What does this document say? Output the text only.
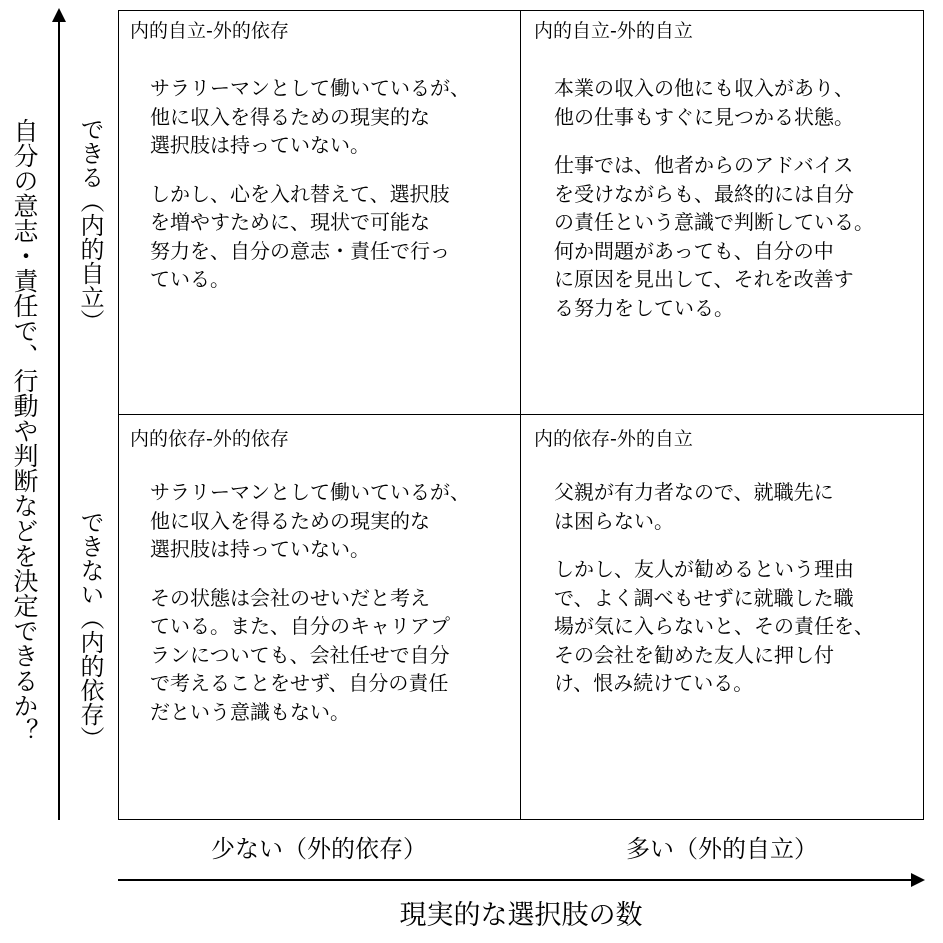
自分の意志・責任で、行動や判断などを決定できるか？ できる（内的自立）
できない（内的依存）
少ない（外的依存）	多い（外的自立）
現実的な選択肢の数
内的自立-外的依存

サラリーマンとして働いているが、
他に収入を得るための現実的な
選択肢は持っていない。

しかし、心を入れ替えて、選択肢
を増やすために、現状で可能な
努力を、自分の意志・責任で行っ
ている。

内的自立-外的自立

本業の収入の他にも収入があり、
他の仕事もすぐに見つかる状態。

仕事では、他者からのアドバイス
を受けながらも、最終的には自分
の責任という意識で判断している。
何か問題があっても、自分の中
に原因を見出して、それを改善す
る努力をしている。

内的依存-外的依存

サラリーマンとして働いているが、
他に収入を得るための現実的な
選択肢は持っていない。

その状態は会社のせいだと考え
ている。また、自分のキャリアプ
ランについても、会社任せで自分
で考えることをせず、自分の責任
だという意識もない。

内的依存-外的自立

父親が有力者なので、就職先に
は困らない。

しかし、友人が勧めるという理由
で、よく調べもせずに就職した職
場が気に入らないと、その責任を、
その会社を勧めた友人に押し付
け、恨み続けている。
